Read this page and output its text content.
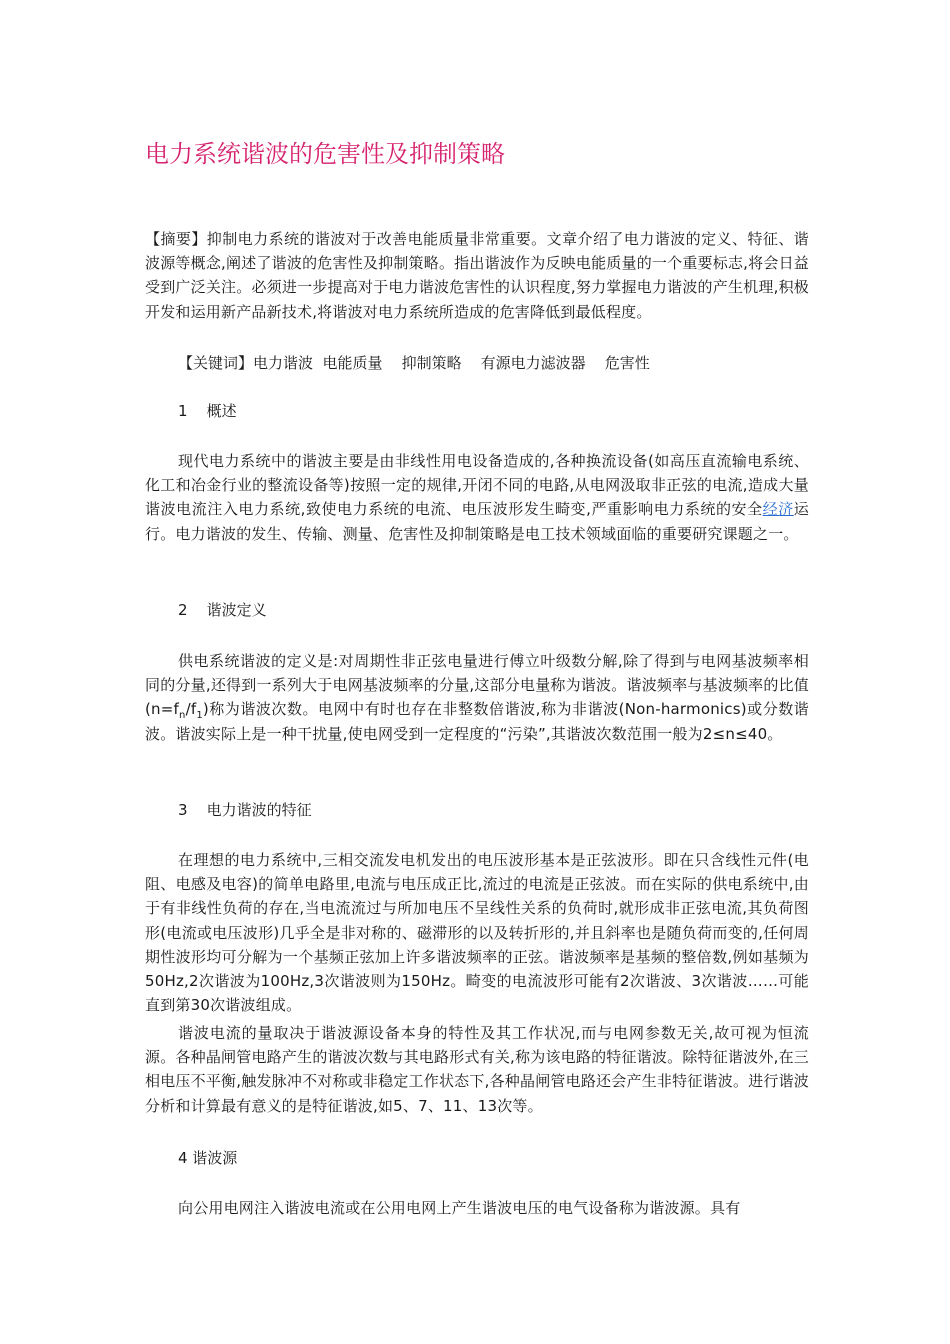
电力系统谐波的危害性及抑制策略

【摘要】抑制电力系统的谐波对于改善电能质量非常重要。文章介绍了电力谐波的定义、特征、谐波源等概念,阐述了谐波的危害性及抑制策略。指出谐波作为反映电能质量的一个重要标志,将会日益受到广泛关注。必须进一步提高对于电力谐波危害性的认识程度,努力掌握电力谐波的产生机理,积极开发和运用新产品新技术,将谐波对电力系统所造成的危害降低到最低程度。

【关键词】电力谐波  电能质量    抑制策略    有源电力滤波器    危害性

1    概述

现代电力系统中的谐波主要是由非线性用电设备造成的,各种换流设备(如高压直流输电系统、化工和冶金行业的整流设备等)按照一定的规律,开闭不同的电路,从电网汲取非正弦的电流,造成大量谐波电流注入电力系统,致使电力系统的电流、电压波形发生畸变,严重影响电力系统的安全经济运行。电力谐波的发生、传输、测量、危害性及抑制策略是电工技术领域面临的重要研究课题之一。

2    谐波定义

供电系统谐波的定义是:对周期性非正弦电量进行傅立叶级数分解,除了得到与电网基波频率相同的分量,还得到一系列大于电网基波频率的分量,这部分电量称为谐波。谐波频率与基波频率的比值$(n=f_n/f_1)$称为谐波次数。电网中有时也存在非整数倍谐波,称为非谐波(Non-harmonics)或分数谐波。谐波实际上是一种干扰量,使电网受到一定程度的“污染”,其谐波次数范围一般为2≤n≤40。

3    电力谐波的特征

在理想的电力系统中,三相交流发电机发出的电压波形基本是正弦波形。即在只含线性元件(电阻、电感及电容)的简单电路里,电流与电压成正比,流过的电流是正弦波。而在实际的供电系统中,由于有非线性负荷的存在,当电流流过与所加电压不呈线性关系的负荷时,就形成非正弦电流,其负荷图形(电流或电压波形)几乎全是非对称的、磁滞形的以及转折形的,并且斜率也是随负荷而变的,任何周期性波形均可分解为一个基频正弦加上许多谐波频率的正弦。谐波频率是基频的整倍数,例如基频为50Hz,2次谐波为100Hz,3次谐波则为150Hz。畸变的电流波形可能有2次谐波、3次谐波……可能直到第30次谐波组成。

谐波电流的量取决于谐波源设备本身的特性及其工作状况,而与电网参数无关,故可视为恒流源。各种晶闸管电路产生的谐波次数与其电路形式有关,称为该电路的特征谐波。除特征谐波外,在三相电压不平衡,触发脉冲不对称或非稳定工作状态下,各种晶闸管电路还会产生非特征谐波。进行谐波分析和计算最有意义的是特征谐波,如5、7、11、13次等。

4 谐波源

向公用电网注入谐波电流或在公用电网上产生谐波电压的电气设备称为谐波源。具有
